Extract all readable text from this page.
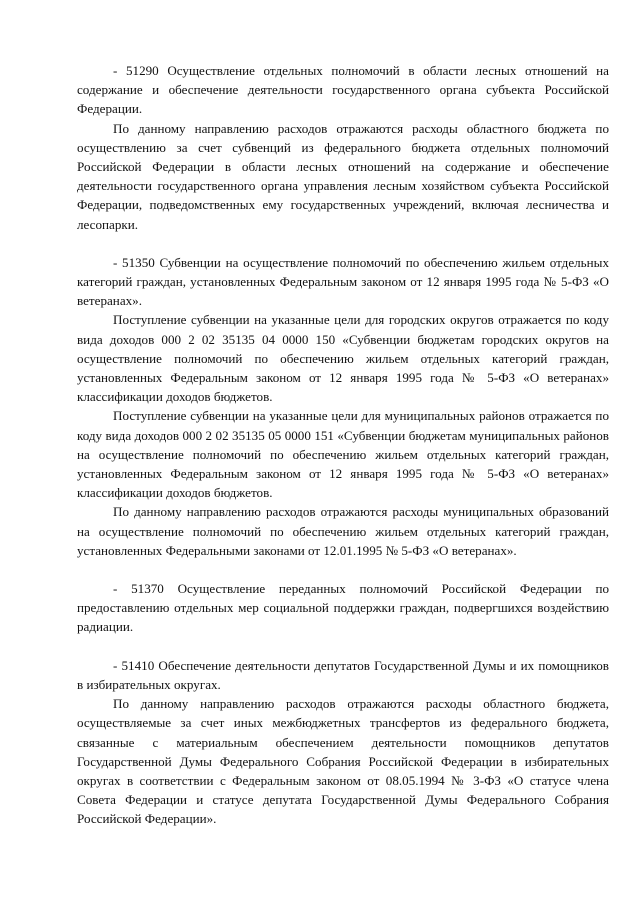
- 51290 Осуществление отдельных полномочий в области лесных отношений на содержание и обеспечение деятельности государственного органа субъекта Российской Федерации.

По данному направлению расходов отражаются расходы областного бюджета по осуществлению за счет субвенций из федерального бюджета отдельных полномочий Российской Федерации в области лесных отношений на содержание и обеспечение деятельности государственного органа управления лесным хозяйством субъекта Российской Федерации, подведомственных ему государственных учреждений, включая лесничества и лесопарки.

- 51350 Субвенции на осуществление полномочий по обеспечению жильем отдельных категорий граждан, установленных Федеральным законом от 12 января 1995 года № 5-ФЗ «О ветеранах».

Поступление субвенции на указанные цели для городских округов отражается по коду вида доходов 000 2 02 35135 04 0000 150 «Субвенции бюджетам городских округов на осуществление полномочий по обеспечению жильем отдельных категорий граждан, установленных Федеральным законом от 12 января 1995 года № 5-ФЗ «О ветеранах» классификации доходов бюджетов.

Поступление субвенции на указанные цели для муниципальных районов отражается по коду вида доходов 000 2 02 35135 05 0000 151 «Субвенции бюджетам муниципальных районов на осуществление полномочий по обеспечению жильем отдельных категорий граждан, установленных Федеральным законом от 12 января 1995 года № 5-ФЗ «О ветеранах» классификации доходов бюджетов.

По данному направлению расходов отражаются расходы муниципальных образований на осуществление полномочий по обеспечению жильем отдельных категорий граждан, установленных Федеральными законами от 12.01.1995 № 5-ФЗ «О ветеранах».

- 51370 Осуществление переданных полномочий Российской Федерации по предоставлению отдельных мер социальной поддержки граждан, подвергшихся воздействию радиации.

- 51410 Обеспечение деятельности депутатов Государственной Думы и их помощников в избирательных округах.

По данному направлению расходов отражаются расходы областного бюджета, осуществляемые за счет иных межбюджетных трансфертов из федерального бюджета, связанные с материальным обеспечением деятельности помощников депутатов Государственной Думы Федерального Собрания Российской Федерации в избирательных округах в соответствии с Федеральным законом от 08.05.1994 № 3-ФЗ «О статусе члена Совета Федерации и статусе депутата Государственной Думы Федерального Собрания Российской Федерации».
